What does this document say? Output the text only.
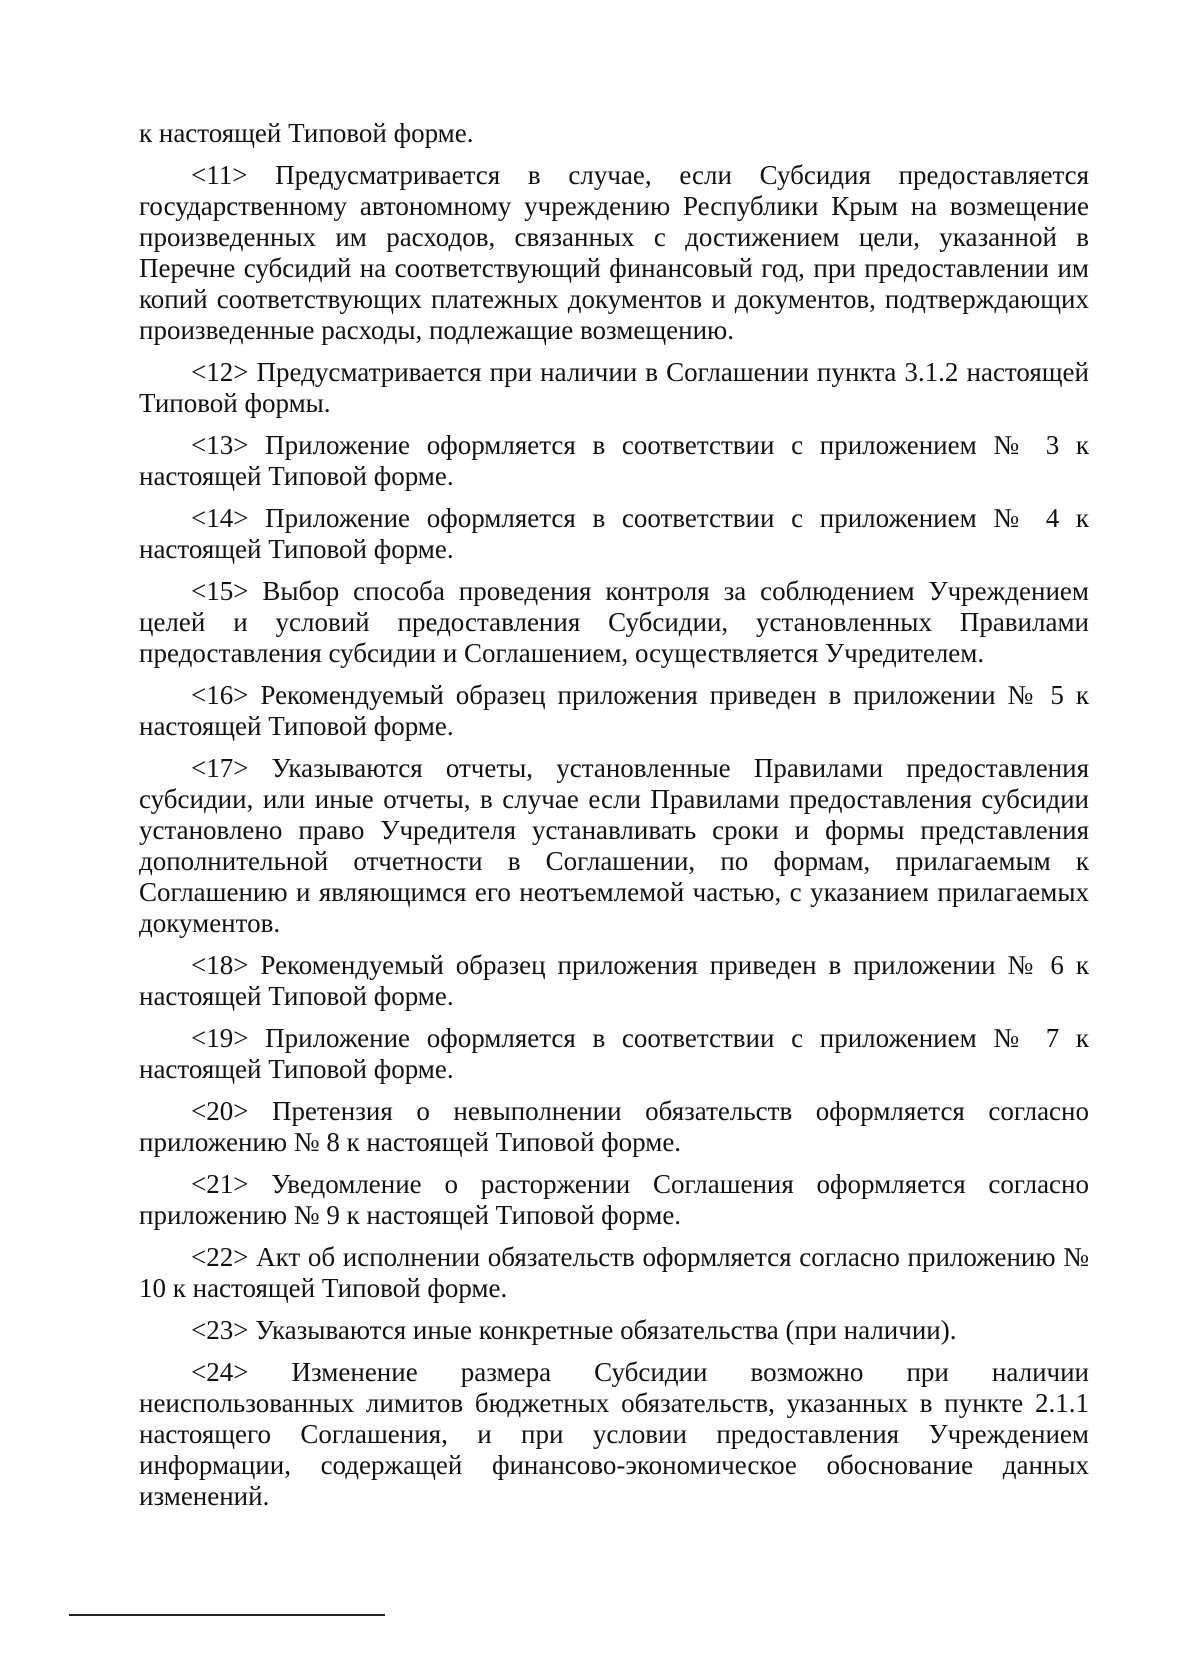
к настоящей Типовой форме.

<11> Предусматривается в случае, если Субсидия предоставляется государственному автономному учреждению Республики Крым на возмещение произведенных им расходов, связанных с достижением цели, указанной в Перечне субсидий на соответствующий финансовый год, при предоставлении им копий соответствующих платежных документов и документов, подтверждающих произведенные расходы, подлежащие возмещению.

<12> Предусматривается при наличии в Соглашении пункта 3.1.2 настоящей Типовой формы.

<13> Приложение оформляется в соответствии с приложением № 3 к настоящей Типовой форме.

<14> Приложение оформляется в соответствии с приложением № 4 к настоящей Типовой форме.

<15> Выбор способа проведения контроля за соблюдением Учреждением целей и условий предоставления Субсидии, установленных Правилами предоставления субсидии и Соглашением, осуществляется Учредителем.

<16> Рекомендуемый образец приложения приведен в приложении № 5 к настоящей Типовой форме.

<17> Указываются отчеты, установленные Правилами предоставления субсидии, или иные отчеты, в случае если Правилами предоставления субсидии установлено право Учредителя устанавливать сроки и формы представления дополнительной отчетности в Соглашении, по формам, прилагаемым к Соглашению и являющимся его неотъемлемой частью, с указанием прилагаемых документов.

<18> Рекомендуемый образец приложения приведен в приложении № 6 к настоящей Типовой форме.

<19> Приложение оформляется в соответствии с приложением № 7 к настоящей Типовой форме.

<20> Претензия о невыполнении обязательств оформляется согласно приложению № 8 к настоящей Типовой форме.

<21> Уведомление о расторжении Соглашения оформляется согласно приложению № 9 к настоящей Типовой форме.

<22> Акт об исполнении обязательств оформляется согласно приложению № 10 к настоящей Типовой форме.

<23> Указываются иные конкретные обязательства (при наличии).

<24> Изменение размера Субсидии возможно при наличии неиспользованных лимитов бюджетных обязательств, указанных в пункте 2.1.1 настоящего Соглашения, и при условии предоставления Учреждением информации, содержащей финансово-экономическое обоснование данных изменений.
